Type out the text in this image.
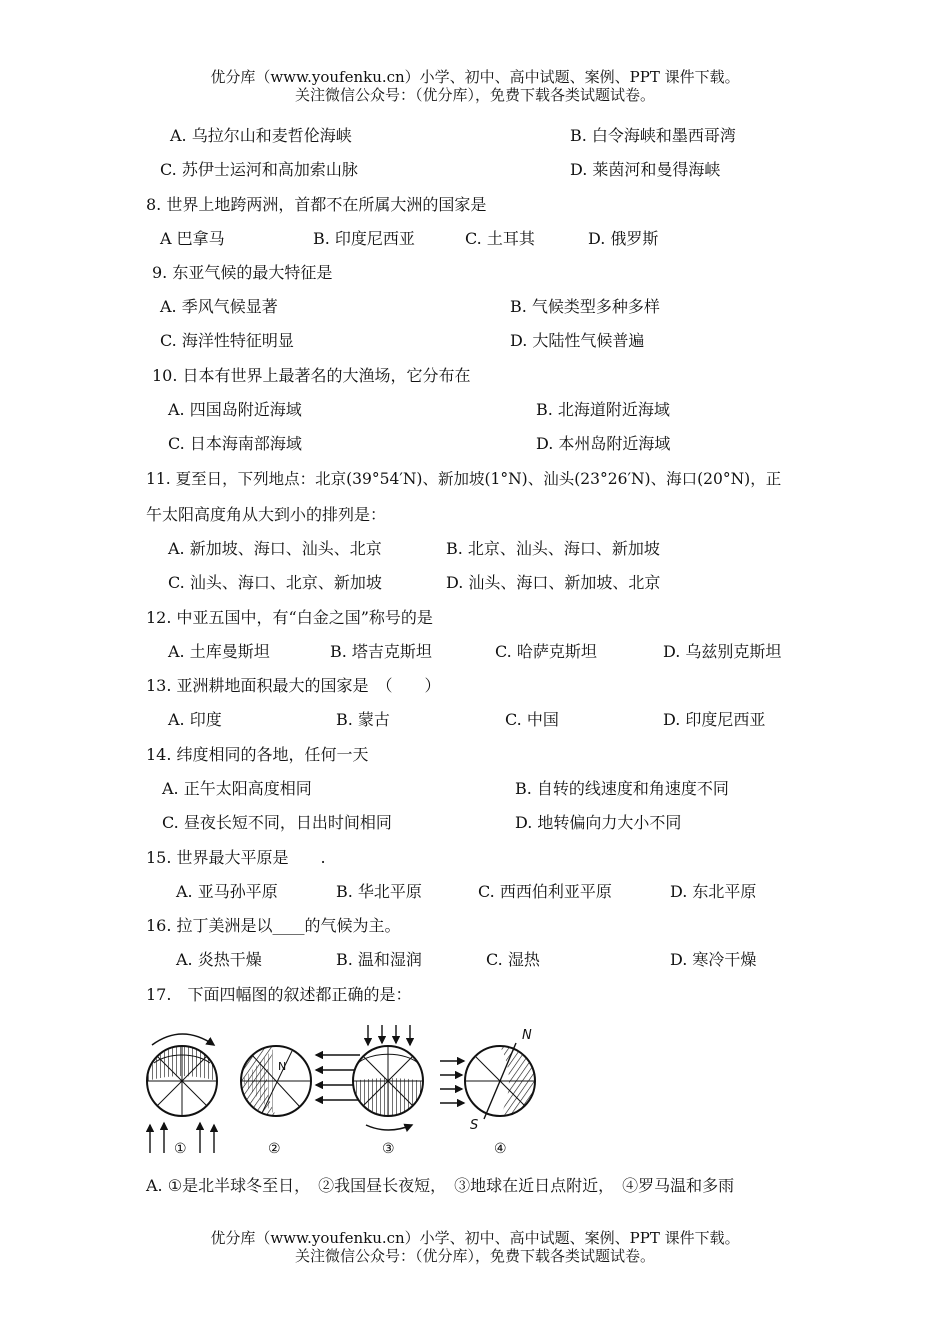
优分库（www.youfenku.cn）小学、初中、高中试题、案例、PPT 课件下载。
关注微信公众号：（优分库），免费下载各类试题试卷。
A. 乌拉尔山和麦哲伦海峡	B. 白令海峡和墨西哥湾
C. 苏伊士运河和高加索山脉	D. 莱茵河和曼得海峡
8. 世界上地跨两洲，首都不在所属大洲的国家是
A 巴拿马	B. 印度尼西亚	C. 土耳其	D. 俄罗斯
9. 东亚气候的最大特征是
A. 季风气候显著	B. 气候类型多种多样
C. 海洋性特征明显	D. 大陆性气候普遍
10. 日本有世界上最著名的大渔场，它分布在
A. 四国岛附近海域	B. 北海道附近海域
C. 日本海南部海域	D. 本州岛附近海域
11. 夏至日，下列地点：北京(39°54′N)、新加坡(1°N)、汕头(23°26′N)、海口(20°N)，正
午太阳高度角从大到小的排列是：
A. 新加坡、海口、汕头、北京	B. 北京、汕头、海口、新加坡
C. 汕头、海口、北京、新加坡	D. 汕头、海口、新加坡、北京
12. 中亚五国中，有“白金之国”称号的是
A. 土库曼斯坦	B. 塔吉克斯坦	C. 哈萨克斯坦	D. 乌兹别克斯坦
13. 亚洲耕地面积最大的国家是　（　　）
A. 印度	B. 蒙古	C. 中国	D. 印度尼西亚
14. 纬度相同的各地，任何一天
A. 正午太阳高度相同	B. 自转的线速度和角速度不同
C. 昼夜长短不同，日出时间相同	D. 地转偏向力大小不同
15. 世界最大平原是　　.
A. 亚马孙平原	B. 华北平原	C. 西西伯利亚平原	D. 东北平原
16. 拉丁美洲是以____的气候为主。
A. 炎热干燥	B. 温和湿润	C. 湿热	D. 寒冷干燥
17.　下面四幅图的叙述都正确的是：
N
N
S
①	②	③	④
A. ①是北半球冬至日，　②我国昼长夜短，　③地球在近日点附近，　④罗马温和多雨
优分库（www.youfenku.cn）小学、初中、高中试题、案例、PPT 课件下载。
关注微信公众号：（优分库），免费下载各类试题试卷。
